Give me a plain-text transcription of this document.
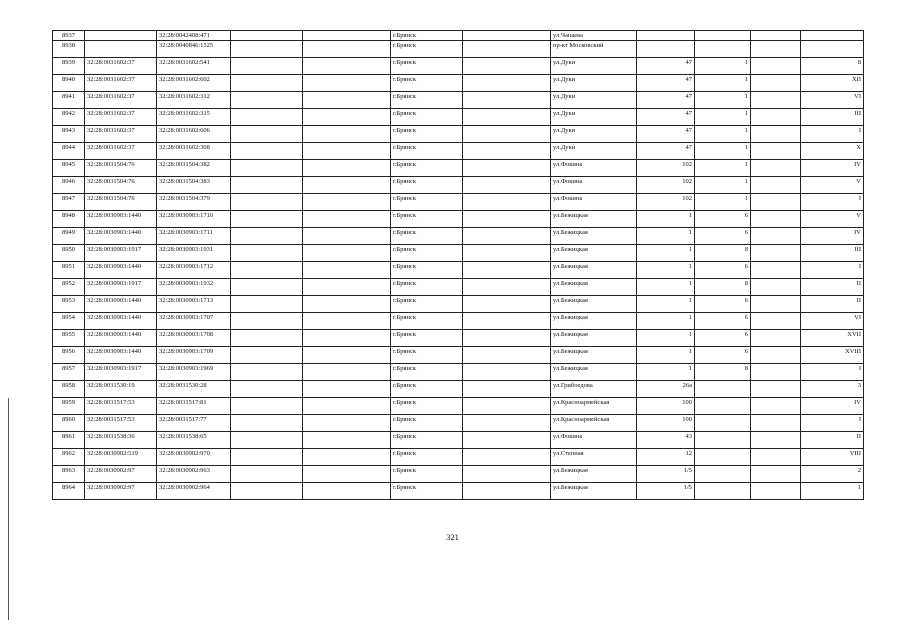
8937		32:28:0042408:471			г.Брянск		ул.Чапаева				
8938		32:28:0040846:1525			г.Брянск		пр-кт Московский				
8939	32:28:0031602:37	32:28:0031602:541			г.Брянск		ул.Дуки	47	1		8
8940	32:28:0031602:37	32:28:0031602:602			г.Брянск		ул.Дуки	47	1		XII
8941	32:28:0031602:37	32:28:0031602:312			г.Брянск		ул.Дуки	47	1		VI
8942	32:28:0031602:37	32:28:0031602:315			г.Брянск		ул.Дуки	47	1		III
8943	32:28:0031602:37	32:28:0031602:606			г.Брянск		ул.Дуки	47	1		I
8944	32:28:0031602:37	32:28:0031602:308			г.Брянск		ул.Дуки	47	1		X
8945	32:28:0031504:76	32:28:0031504:382			г.Брянск		ул.Фокина	102	1		IV
8946	32:28:0031504:76	32:28:0031504:383			г.Брянск		ул.Фокина	102	1		V
8947	32:28:0031504:76	32:28:0031504:379			г.Брянск		ул.Фокина	102	1		I
8948	32:28:0030903:1440	32:28:0030903:1710			г.Брянск		ул.Бежицкая	1	6		V
8949	32:28:0030903:1440	32:28:0030903:1711			г.Брянск		ул.Бежицкая	1	6		IV
8950	32:28:0030903:1917	32:28:0030903:1931			г.Брянск		ул.Бежицкая	1	8		III
8951	32:28:0030903:1440	32:28:0030903:1712			г.Брянск		ул.Бежицкая	1	6		I
8952	32:28:0030903:1917	32:28:0030903:1932			г.Брянск		ул.Бежицкая	1	8		II
8953	32:28:0030903:1440	32:28:0030903:1713			г.Брянск		ул.Бежицкая	1	6		II
8954	32:28:0030903:1440	32:28:0030903:1707			г.Брянск		ул.Бежицкая	1	6		VI
8955	32:28:0030903:1440	32:28:0030903:1708			г.Брянск		ул.Бежицкая	1	6		XVII
8956	32:28:0030903:1440	32:28:0030903:1709			г.Брянск		ул.Бежицкая	1	6		XVIII
8957	32:28:0030903:1917	32:28:0030903:1969			г.Брянск		ул.Бежицкая	1	8		I
8958	32:28:0031530:19	32:28:0031530:28			г.Брянск		ул.Грибоедова	26а			3
8959	32:28:0031517:53	32:28:0031517:81			г.Брянск		ул.Красноармейская	100			IV
8960	32:28:0031517:53	32:28:0031517:77			г.Брянск		ул.Красноармейская	100			I
8961	32:28:0031538:36	32:28:0031538:65			г.Брянск		ул.Фокина	43			II
8962	32:28:0030902:519	32:28:0030902:970			г.Брянск		ул.Степная	12			VIII
8963	32:28:0030902:97	32:28:0030902:963			г.Брянск		ул.Бежицкая	1/5			2
8964	32:28:0030902:97	32:28:0030902:964			г.Брянск		ул.Бежицкая	1/5			1
321
